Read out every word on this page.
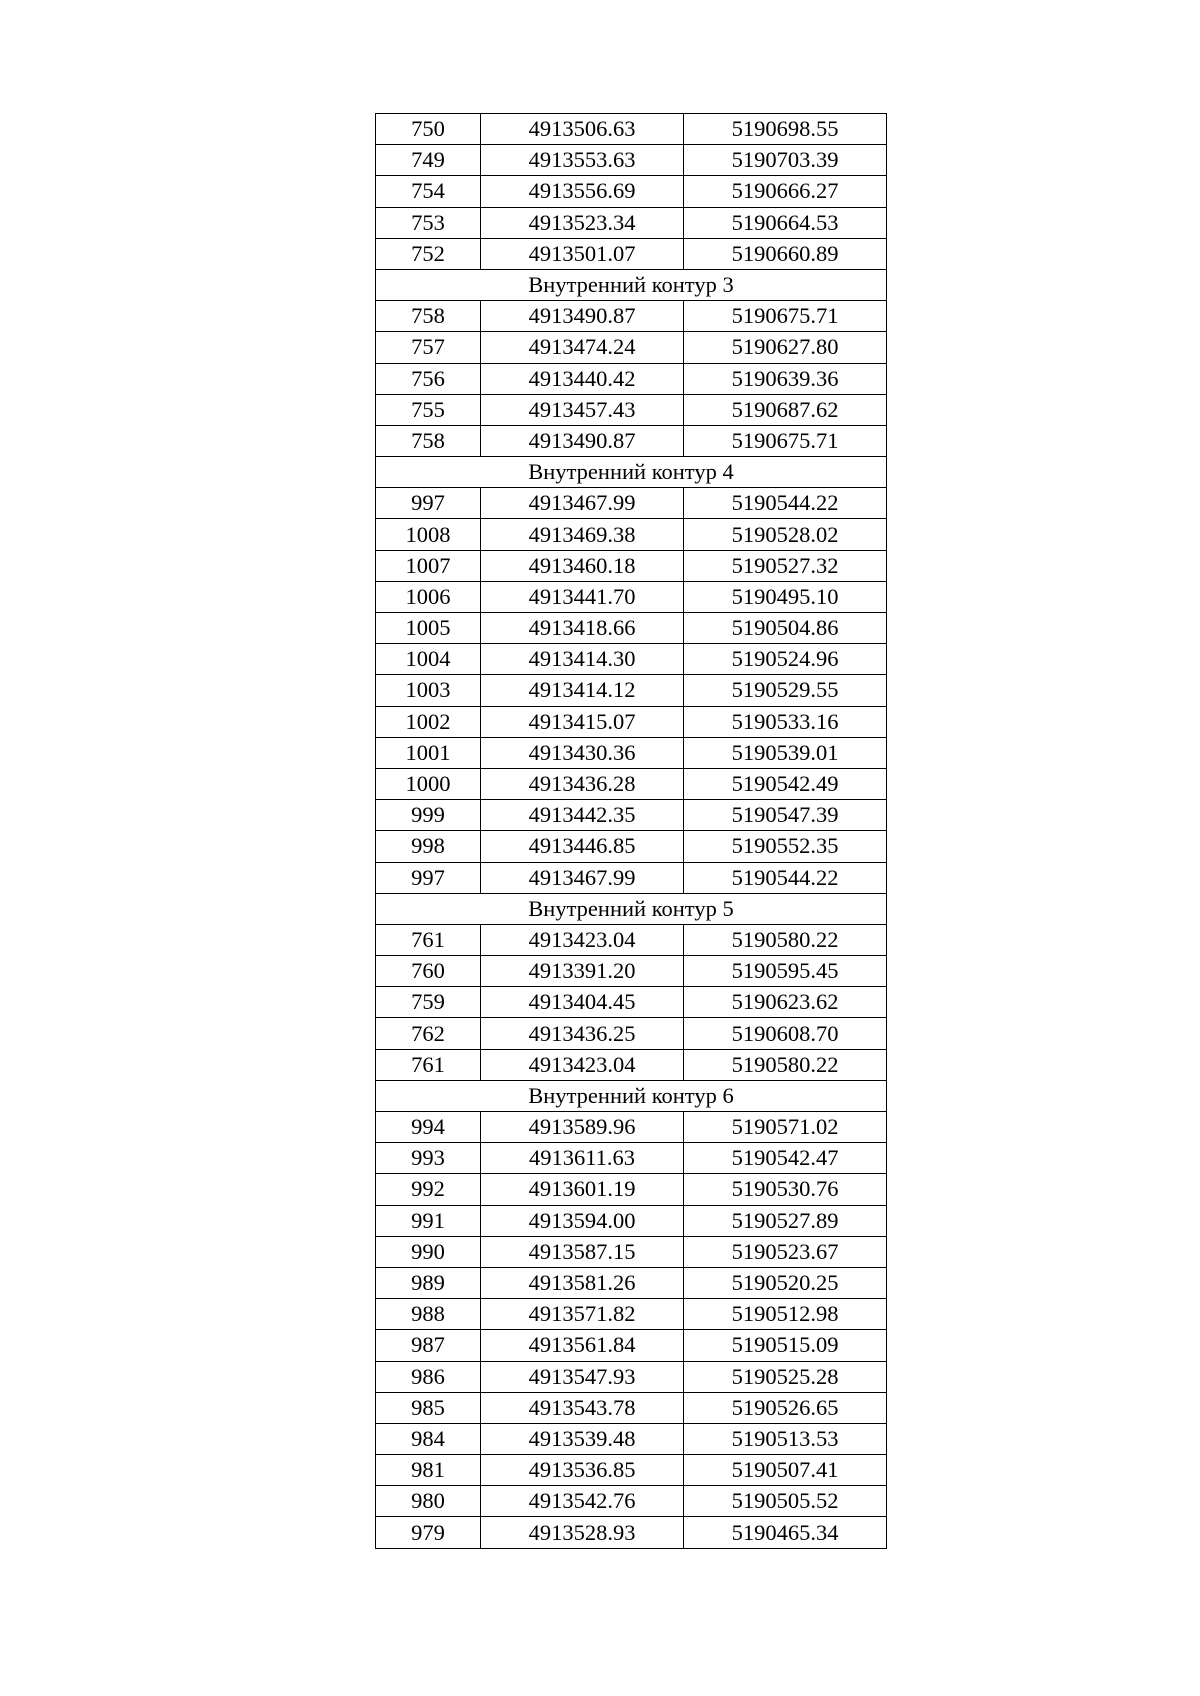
750	4913506.63	5190698.55
749	4913553.63	5190703.39
754	4913556.69	5190666.27
753	4913523.34	5190664.53
752	4913501.07	5190660.89
Внутренний контур 3		
758	4913490.87	5190675.71
757	4913474.24	5190627.80
756	4913440.42	5190639.36
755	4913457.43	5190687.62
758	4913490.87	5190675.71
Внутренний контур 4		
997	4913467.99	5190544.22
1008	4913469.38	5190528.02
1007	4913460.18	5190527.32
1006	4913441.70	5190495.10
1005	4913418.66	5190504.86
1004	4913414.30	5190524.96
1003	4913414.12	5190529.55
1002	4913415.07	5190533.16
1001	4913430.36	5190539.01
1000	4913436.28	5190542.49
999	4913442.35	5190547.39
998	4913446.85	5190552.35
997	4913467.99	5190544.22
Внутренний контур 5		
761	4913423.04	5190580.22
760	4913391.20	5190595.45
759	4913404.45	5190623.62
762	4913436.25	5190608.70
761	4913423.04	5190580.22
Внутренний контур 6		
994	4913589.96	5190571.02
993	4913611.63	5190542.47
992	4913601.19	5190530.76
991	4913594.00	5190527.89
990	4913587.15	5190523.67
989	4913581.26	5190520.25
988	4913571.82	5190512.98
987	4913561.84	5190515.09
986	4913547.93	5190525.28
985	4913543.78	5190526.65
984	4913539.48	5190513.53
981	4913536.85	5190507.41
980	4913542.76	5190505.52
979	4913528.93	5190465.34
